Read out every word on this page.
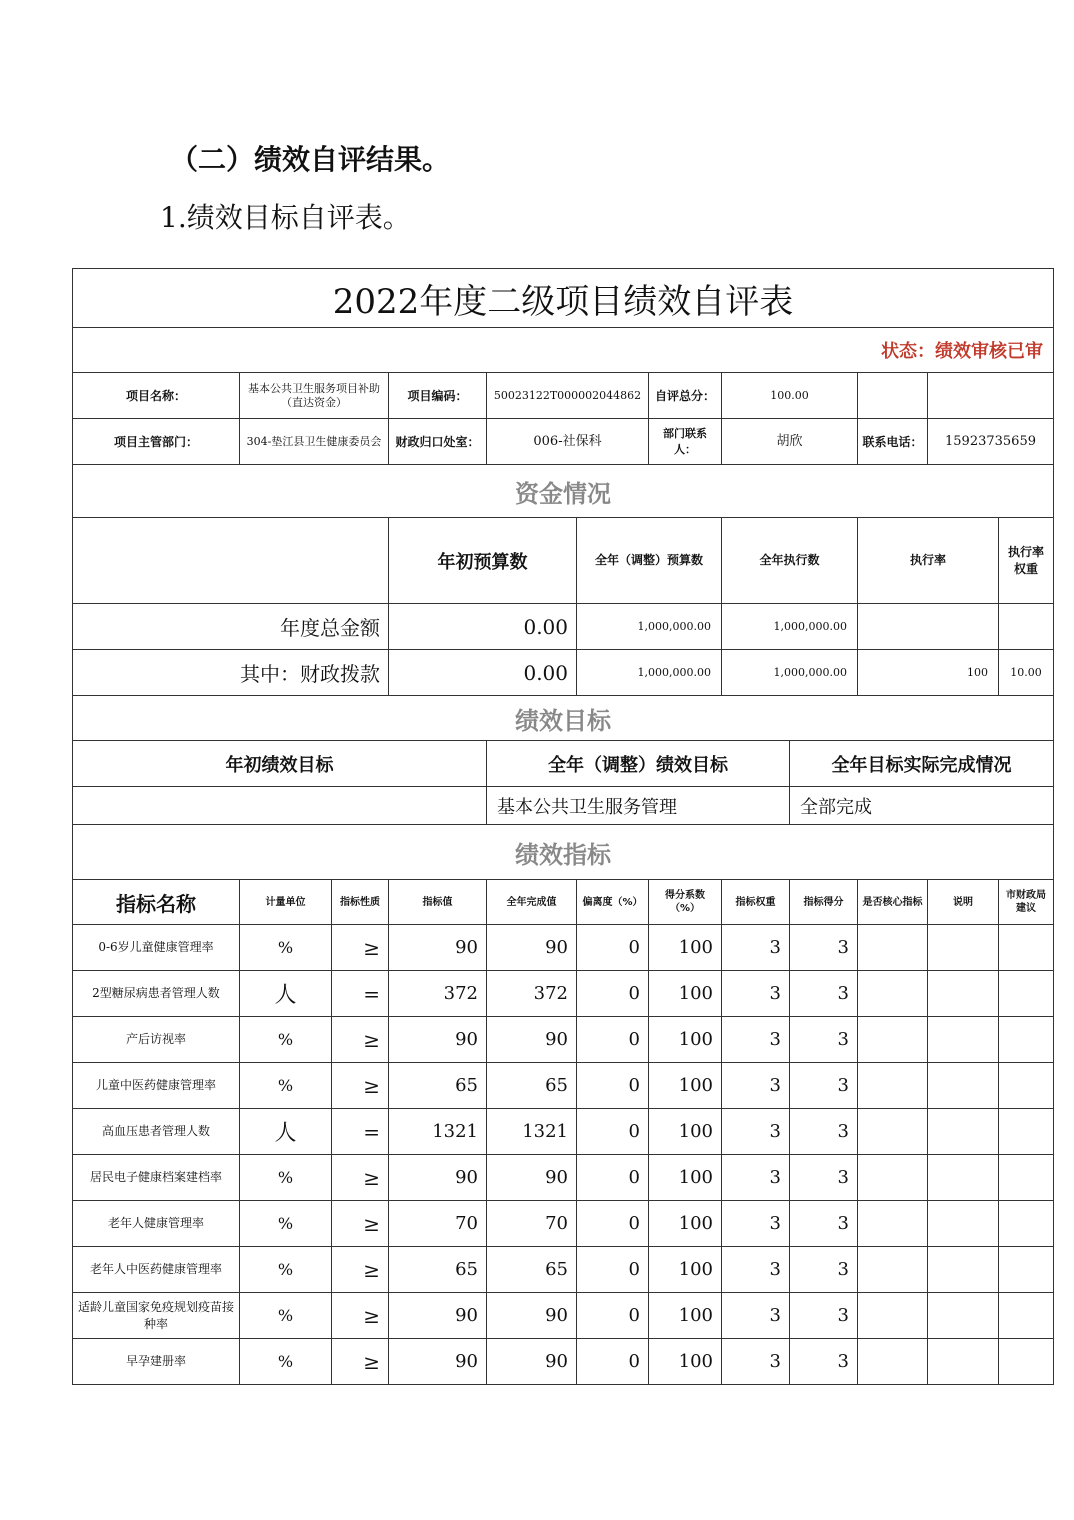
（二）绩效自评结果。
1.绩效目标自评表。
2022年度二级项目绩效自评表												
状态：绩效审核已审												
项目名称：	基本公共卫生服务项目补助（直达资金）		项目编码：	50023122T000002044862		自评总分：	100.00					
项目主管部门：	304-垫江县卫生健康委员会		财政归口处室：	006-社保科		部门联系人：	胡欣		联系电话：	15923735659		
资金情况												
			年初预算数		全年（调整）预算数		全年执行数		执行率		执行率权重	
年度总金额			0.00		1,000,000.00		1,000,000.00					
其中：财政拨款			0.00		1,000,000.00		1,000,000.00		100		10.00	
绩效目标												
年初绩效目标				全年（调整）绩效目标				全年目标实际完成情况				
				基本公共卫生服务管理				全部完成				
绩效指标												
指标名称	计量单位	指标性质	指标值	全年完成值	偏离度（%）	得分系数（%）	指标权重	指标得分	是否核心指标	说明	市财政局建议	
0-6岁儿童健康管理率	%	≥	90	90	0	100	3	3				
2型糖尿病患者管理人数	人	=	372	372	0	100	3	3				
产后访视率	%	≥	90	90	0	100	3	3				
儿童中医药健康管理率	%	≥	65	65	0	100	3	3				
高血压患者管理人数	人	=	1321	1321	0	100	3	3				
居民电子健康档案建档率	%	≥	90	90	0	100	3	3				
老年人健康管理率	%	≥	70	70	0	100	3	3				
老年人中医药健康管理率	%	≥	65	65	0	100	3	3				
适龄儿童国家免疫规划疫苗接种率	%	≥	90	90	0	100	3	3				
早孕建册率	%	≥	90	90	0	100	3	3				
